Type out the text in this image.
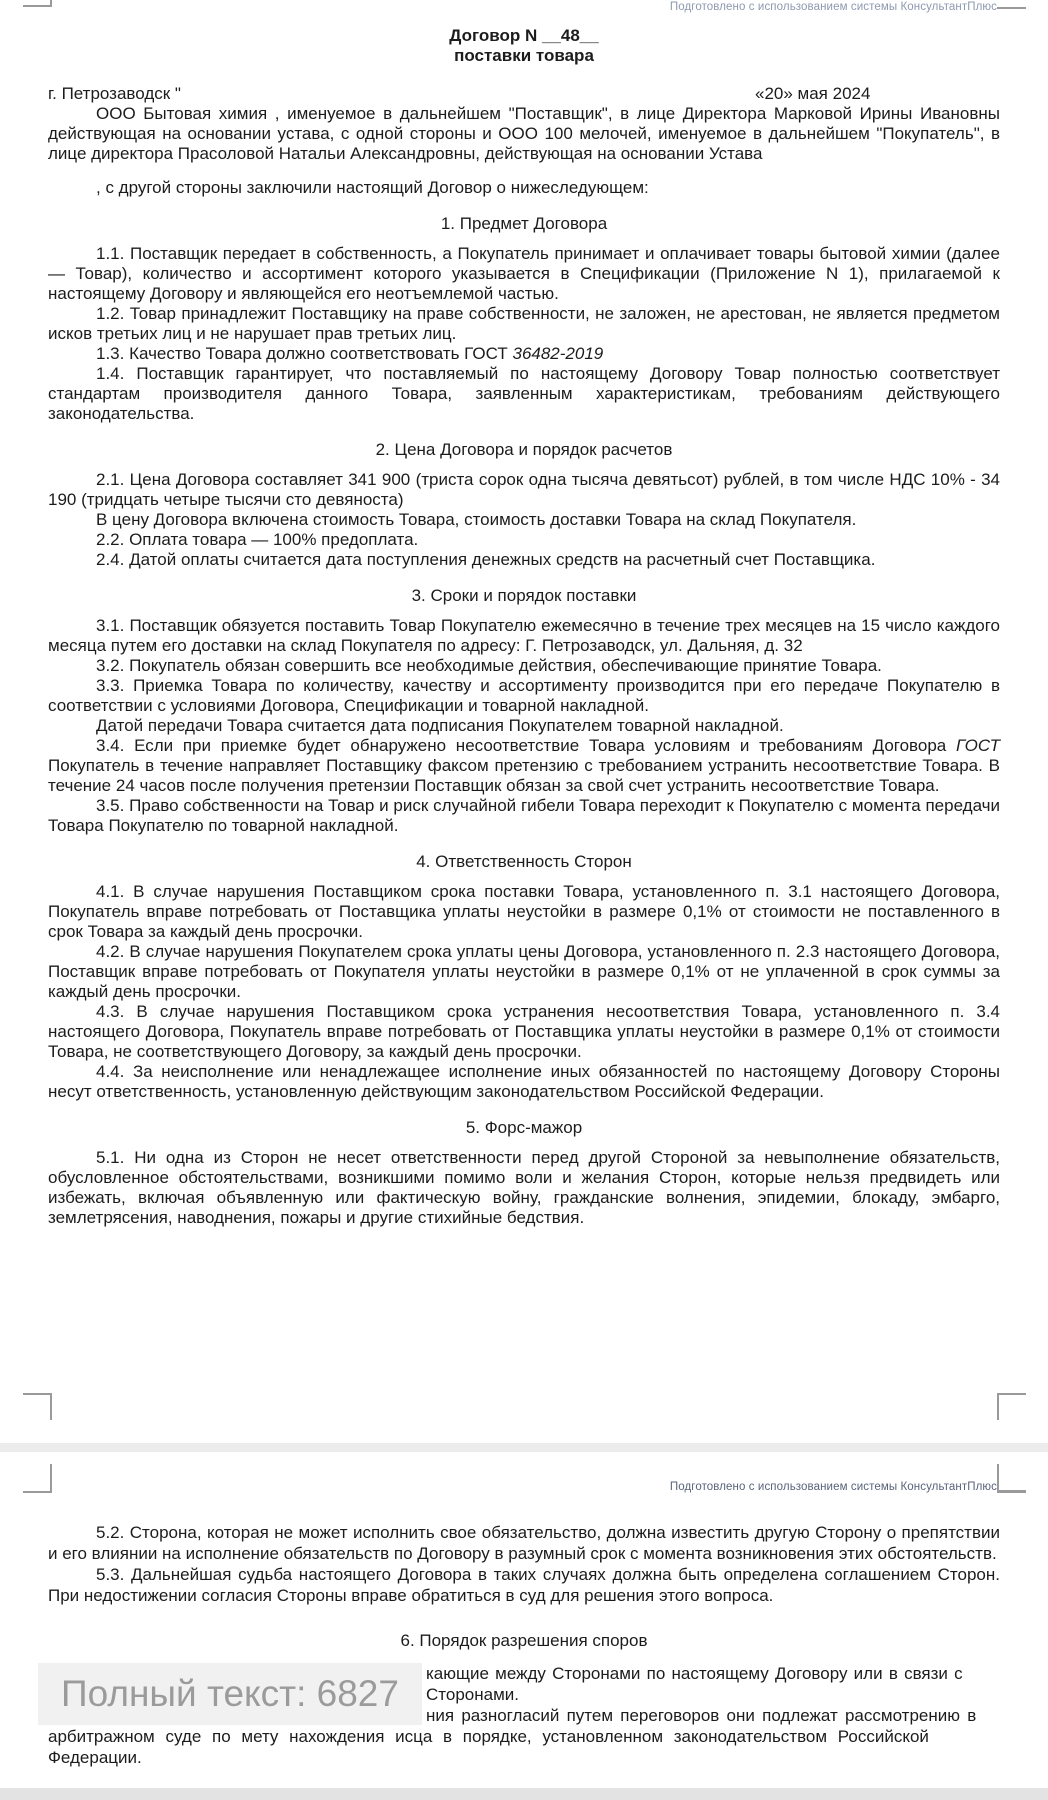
Подготовлено с использованием системы КонсультантПлюс

Договор N __48__

поставки товара

г. Петрозаводск "	«20» мая 2024

ООО Бытовая химия , именуемое в дальнейшем "Поставщик", в лице Директора Марковой Ирины Ивановны действующая на основании устава, с одной стороны и ООО 100 мелочей, именуемое в дальнейшем "Покупатель", в лице директора Прасоловой Натальи Александровны, действующая на основании Устава

, с другой стороны заключили настоящий Договор о нижеследующем:

1. Предмет Договора

1.1. Поставщик передает в собственность, а Покупатель принимает и оплачивает товары бытовой химии (далее — Товар), количество и ассортимент которого указывается в Спецификации (Приложение N 1), прилагаемой к настоящему Договору и являющейся его неотъемлемой частью.

1.2. Товар принадлежит Поставщику на праве собственности, не заложен, не арестован, не является предметом исков третьих лиц и не нарушает прав третьих лиц.

1.3. Качество Товара должно соответствовать ГОСТ 36482-2019

1.4. Поставщик гарантирует, что поставляемый по настоящему Договору Товар полностью соответствует стандартам производителя данного Товара, заявленным характеристикам, требованиям действующего законодательства.

2. Цена Договора и порядок расчетов

2.1. Цена Договора составляет 341 900 (триста сорок одна тысяча девятьсот) рублей, в том числе НДС 10% - 34 190 (тридцать четыре тысячи сто девяноста)

В цену Договора включена стоимость Товара, стоимость доставки Товара на склад Покупателя.

2.2. Оплата товара — 100% предоплата.

2.4. Датой оплаты считается дата поступления денежных средств на расчетный счет Поставщика.

3. Сроки и порядок поставки

3.1. Поставщик обязуется поставить Товар Покупателю ежемесячно в течение трех месяцев на 15 число каждого месяца путем его доставки на склад Покупателя по адресу: Г. Петрозаводск, ул. Дальняя, д. 32

3.2. Покупатель обязан совершить все необходимые действия, обеспечивающие принятие Товара.

3.3. Приемка Товара по количеству, качеству и ассортименту производится при его передаче Покупателю в соответствии с условиями Договора, Спецификации и товарной накладной.

Датой передачи Товара считается дата подписания Покупателем товарной накладной.

3.4. Если при приемке будет обнаружено несоответствие Товара условиям и требованиям Договора ГОСТ Покупатель в течение направляет Поставщику факсом претензию с требованием устранить несоответствие Товара. В течение 24 часов после получения претензии Поставщик обязан за свой счет устранить несоответствие Товара.

3.5. Право собственности на Товар и риск случайной гибели Товара переходит к Покупателю с момента передачи Товара Покупателю по товарной накладной.

4. Ответственность Сторон

4.1. В случае нарушения Поставщиком срока поставки Товара, установленного п. 3.1 настоящего Договора, Покупатель вправе потребовать от Поставщика уплаты неустойки в размере 0,1% от стоимости не поставленного в срок Товара за каждый день просрочки.

4.2. В случае нарушения Покупателем срока уплаты цены Договора, установленного п. 2.3 настоящего Договора, Поставщик вправе потребовать от Покупателя уплаты неустойки в размере 0,1% от не уплаченной в срок суммы за каждый день просрочки.

4.3. В случае нарушения Поставщиком срока устранения несоответствия Товара, установленного п. 3.4 настоящего Договора, Покупатель вправе потребовать от Поставщика уплаты неустойки в размере 0,1% от стоимости Товара, не соответствующего Договору, за каждый день просрочки.

4.4. За неисполнение или ненадлежащее исполнение иных обязанностей по настоящему Договору Стороны несут ответственность, установленную действующим законодательством Российской Федерации.

5. Форс-мажор

5.1. Ни одна из Сторон не несет ответственности перед другой Стороной за невыполнение обязательств, обусловленное обстоятельствами, возникшими помимо воли и желания Сторон, которые нельзя предвидеть или избежать, включая объявленную или фактическую войну, гражданские волнения, эпидемии, блокаду, эмбарго, землетрясения, наводнения, пожары и другие стихийные бедствия.

Подготовлено с использованием системы КонсультантПлюс

5.2. Сторона, которая не может исполнить свое обязательство, должна известить другую Сторону о препятствии и его влиянии на исполнение обязательств по Договору в разумный срок с момента возникновения этих обстоятельств.

5.3. Дальнейшая судьба настоящего Договора в таких случаях должна быть определена соглашением Сторон. При недостижении согласия Стороны вправе обратиться в суд для решения этого вопроса.

6. Порядок разрешения споров

Полный текст: 6827	кающие между Сторонами по настоящему Договору или в связи с

Сторонами.

ния разногласий путем переговоров они подлежат рассмотрению в

арбитражном суде по мету нахождения исца в порядке, установленном законодательством Российской

Федерации.
